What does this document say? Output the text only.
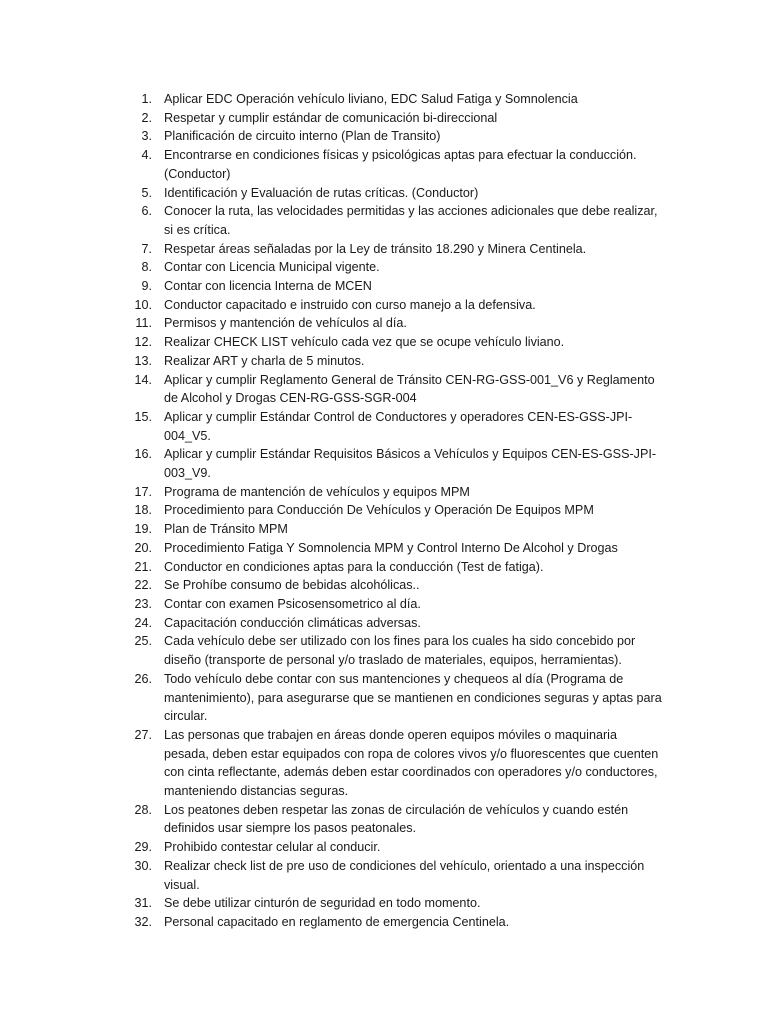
1. Aplicar EDC Operación vehículo liviano, EDC Salud Fatiga y Somnolencia
2. Respetar y cumplir estándar de comunicación bi-direccional
3. Planificación de circuito interno (Plan de Transito)
4. Encontrarse en condiciones físicas y psicológicas aptas para efectuar la conducción. (Conductor)
5. Identificación y Evaluación de rutas críticas. (Conductor)
6. Conocer la ruta, las velocidades permitidas y las acciones adicionales que debe realizar, si es crítica.
7. Respetar áreas señaladas por la Ley de tránsito 18.290 y Minera Centinela.
8. Contar con Licencia Municipal vigente.
9. Contar con licencia Interna de MCEN
10. Conductor capacitado e instruido con curso manejo a la defensiva.
11. Permisos y mantención de vehículos al día.
12. Realizar CHECK LIST vehículo cada vez que se ocupe vehículo liviano.
13. Realizar ART y charla de 5 minutos.
14. Aplicar y cumplir Reglamento General de Tránsito CEN-RG-GSS-001_V6 y Reglamento de Alcohol y Drogas CEN-RG-GSS-SGR-004
15. Aplicar y cumplir Estándar Control de Conductores y operadores CEN-ES-GSS-JPI-004_V5.
16. Aplicar y cumplir Estándar Requisitos Básicos a Vehículos y Equipos CEN-ES-GSS-JPI-003_V9.
17. Programa de mantención de vehículos y equipos MPM
18. Procedimiento para Conducción De Vehículos y Operación De Equipos MPM
19. Plan de Tránsito MPM
20. Procedimiento Fatiga Y Somnolencia MPM y Control Interno De Alcohol y Drogas
21. Conductor en condiciones aptas para la conducción (Test de fatiga).
22. Se Prohíbe consumo de bebidas alcohólicas..
23. Contar con examen Psicosensometrico al día.
24. Capacitación conducción climáticas adversas.
25. Cada vehículo debe ser utilizado con los fines para los cuales ha sido concebido por diseño (transporte de personal y/o traslado de materiales, equipos, herramientas).
26. Todo vehículo debe contar con sus mantenciones y chequeos al día (Programa de mantenimiento), para asegurarse que se mantienen en condiciones seguras y aptas para circular.
27. Las personas que trabajen en áreas donde operen equipos móviles o maquinaria pesada, deben estar equipados con ropa de colores vivos y/o fluorescentes que cuenten con cinta reflectante, además deben estar coordinados con operadores y/o conductores, manteniendo distancias seguras.
28. Los peatones deben respetar las zonas de circulación de vehículos y cuando estén definidos usar siempre los pasos peatonales.
29. Prohibido contestar celular al conducir.
30. Realizar check list de pre uso de condiciones del vehículo, orientado a una inspección visual.
31. Se debe utilizar cinturón de seguridad en todo momento.
32. Personal capacitado en reglamento de emergencia Centinela.
